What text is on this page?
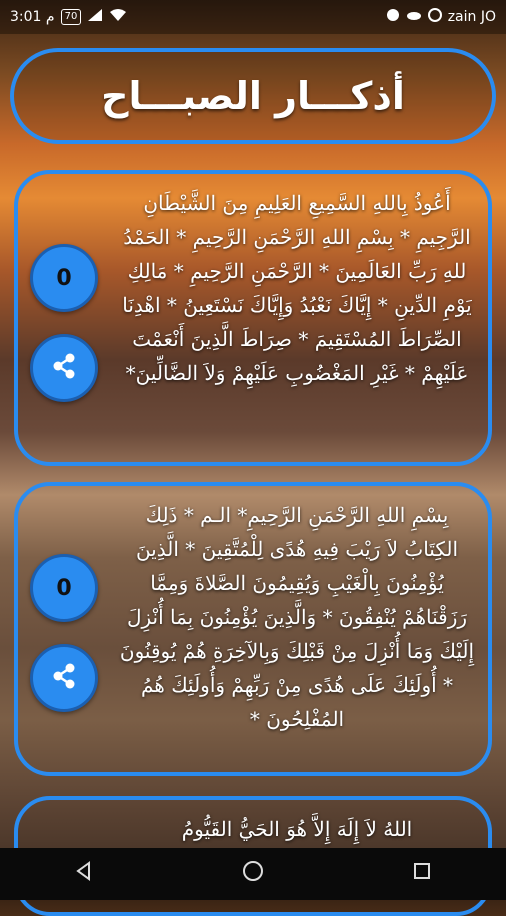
3:01 م	70	zain JO
أذكـــار الصبـــاح
أَعُوذُ بِاللهِ السَّمِيعِ العَلِيمِ مِنَ الشَّيْطَانِ الرَّجِيمِ * بِسْمِ اللهِ الرَّحْمَنِ الرَّحِيمِ * الحَمْدُ للهِ رَبِّ العَالَمِينَ * الرَّحْمَنِ الرَّحِيمِ * مَالِكِ يَوْمِ الدِّينِ * إِيَّاكَ نَعْبُدُ وَإِيَّاكَ نَسْتَعِينُ * اهْدِنَا الصِّرَاطَ المُسْتَقِيمَ * صِرَاطَ الَّذِينَ أَنْعَمْتَ عَلَيْهِمْ * غَيْرِ المَغْضُوبِ عَلَيْهِمْ وَلاَ الضَّالِّينَ*
0
بِسْمِ اللهِ الرَّحْمَنِ الرَّحِيمِ* الـم * ذَلِكَ الكِتَابُ لاَ رَيْبَ فِيهِ هُدًى لِلْمُتَّقِينَ * الَّذِينَ يُؤْمِنُونَ بِالْغَيْبِ وَيُقِيمُونَ الصَّلاةَ وَمِمَّا رَزَقْنَاهُمْ يُنْفِقُونَ * وَالَّذِينَ يُؤْمِنُونَ بِمَا أُنْزِلَ إِلَيْكَ وَمَا أُنْزِلَ مِنْ قَبْلِكَ وَبِالآخِرَةِ هُمْ يُوقِنُونَ * أُولَئِكَ عَلَى هُدًى مِنْ رَبِّهِمْ وَأُولَئِكَ هُمُ المُفْلِحُونَ *
0
اللهُ لاَ إِلَهَ إِلاَّ هُوَ الحَيُّ القَيُّومُ
